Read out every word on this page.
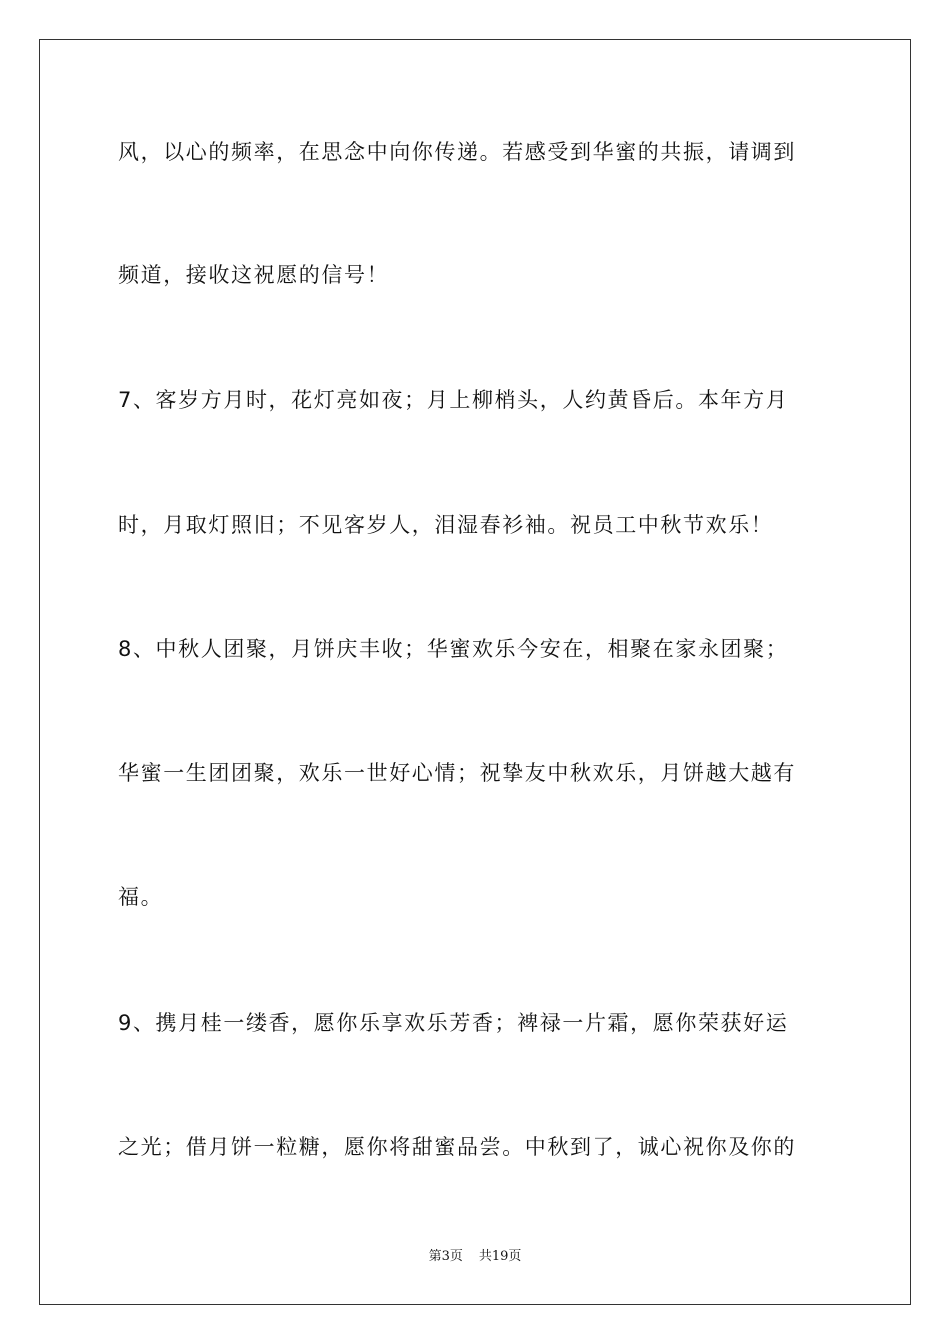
风，以心的频率，在思念中向你传递。若感受到华蜜的共振，请调到

频道，接收这祝愿的信号！

7、客岁方月时，花灯亮如夜；月上柳梢头，人约黄昏后。本年方月

时，月取灯照旧；不见客岁人，泪湿春衫袖。祝员工中秋节欢乐！

8、中秋人团聚，月饼庆丰收；华蜜欢乐今安在，相聚在家永团聚；

华蜜一生团团聚，欢乐一世好心情；祝挚友中秋欢乐，月饼越大越有

福。

9、携月桂一缕香，愿你乐享欢乐芳香；裨禄一片霜，愿你荣获好运

之光；借月饼一粒糖，愿你将甜蜜品尝。中秋到了，诚心祝你及你的

第3页 共19页
